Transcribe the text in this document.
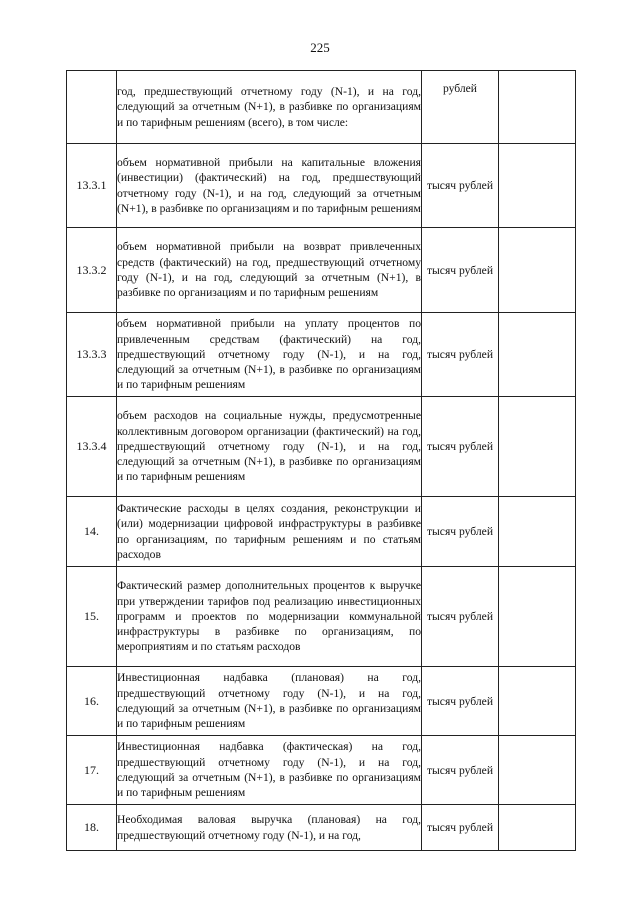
225
	год, предшествующий отчетному году (N-1), и на год, следующий за отчетным (N+1), в разбивке по организациям и по тарифным решениям (всего), в том числе:	рублей	
13.3.1	объем нормативной прибыли на капитальные вложения (инвестиции) (фактический) на год, предшествующий отчетному году (N-1), и на год, следующий за отчетным (N+1), в разбивке по организациям и по тарифным решениям	тысяч рублей	
13.3.2	объем нормативной прибыли на возврат привлеченных средств (фактический) на год, предшествующий отчетному году (N-1), и на год, следующий за отчетным (N+1), в разбивке по организациям и по тарифным решениям	тысяч рублей	
13.3.3	объем нормативной прибыли на уплату процентов по привлеченным средствам (фактический) на год, предшествующий отчетному году (N-1), и на год, следующий за отчетным (N+1), в разбивке по организациям и по тарифным решениям	тысяч рублей	
13.3.4	объем расходов на социальные нужды, предусмотренные коллективным договором организации (фактический) на год, предшествующий отчетному году (N-1), и на год, следующий за отчетным (N+1), в разбивке по организациям и по тарифным решениям	тысяч рублей	
14.	Фактические расходы в целях создания, реконструкции и (или) модернизации цифровой инфраструктуры в разбивке по организациям, по тарифным решениям и по статьям расходов	тысяч рублей	
15.	Фактический размер дополнительных процентов к выручке при утверждении тарифов под реализацию инвестиционных программ и проектов по модернизации коммунальной инфраструктуры в разбивке по организациям, по мероприятиям и по статьям расходов	тысяч рублей	
16.	Инвестиционная надбавка (плановая) на год, предшествующий отчетному году (N-1), и на год, следующий за отчетным (N+1), в разбивке по организациям и по тарифным решениям	тысяч рублей	
17.	Инвестиционная надбавка (фактическая) на год, предшествующий отчетному году (N-1), и на год, следующий за отчетным (N+1), в разбивке по организациям и по тарифным решениям	тысяч рублей	
18.	Необходимая валовая выручка (плановая) на год, предшествующий отчетному году (N-1), и на год,	тысяч рублей	
